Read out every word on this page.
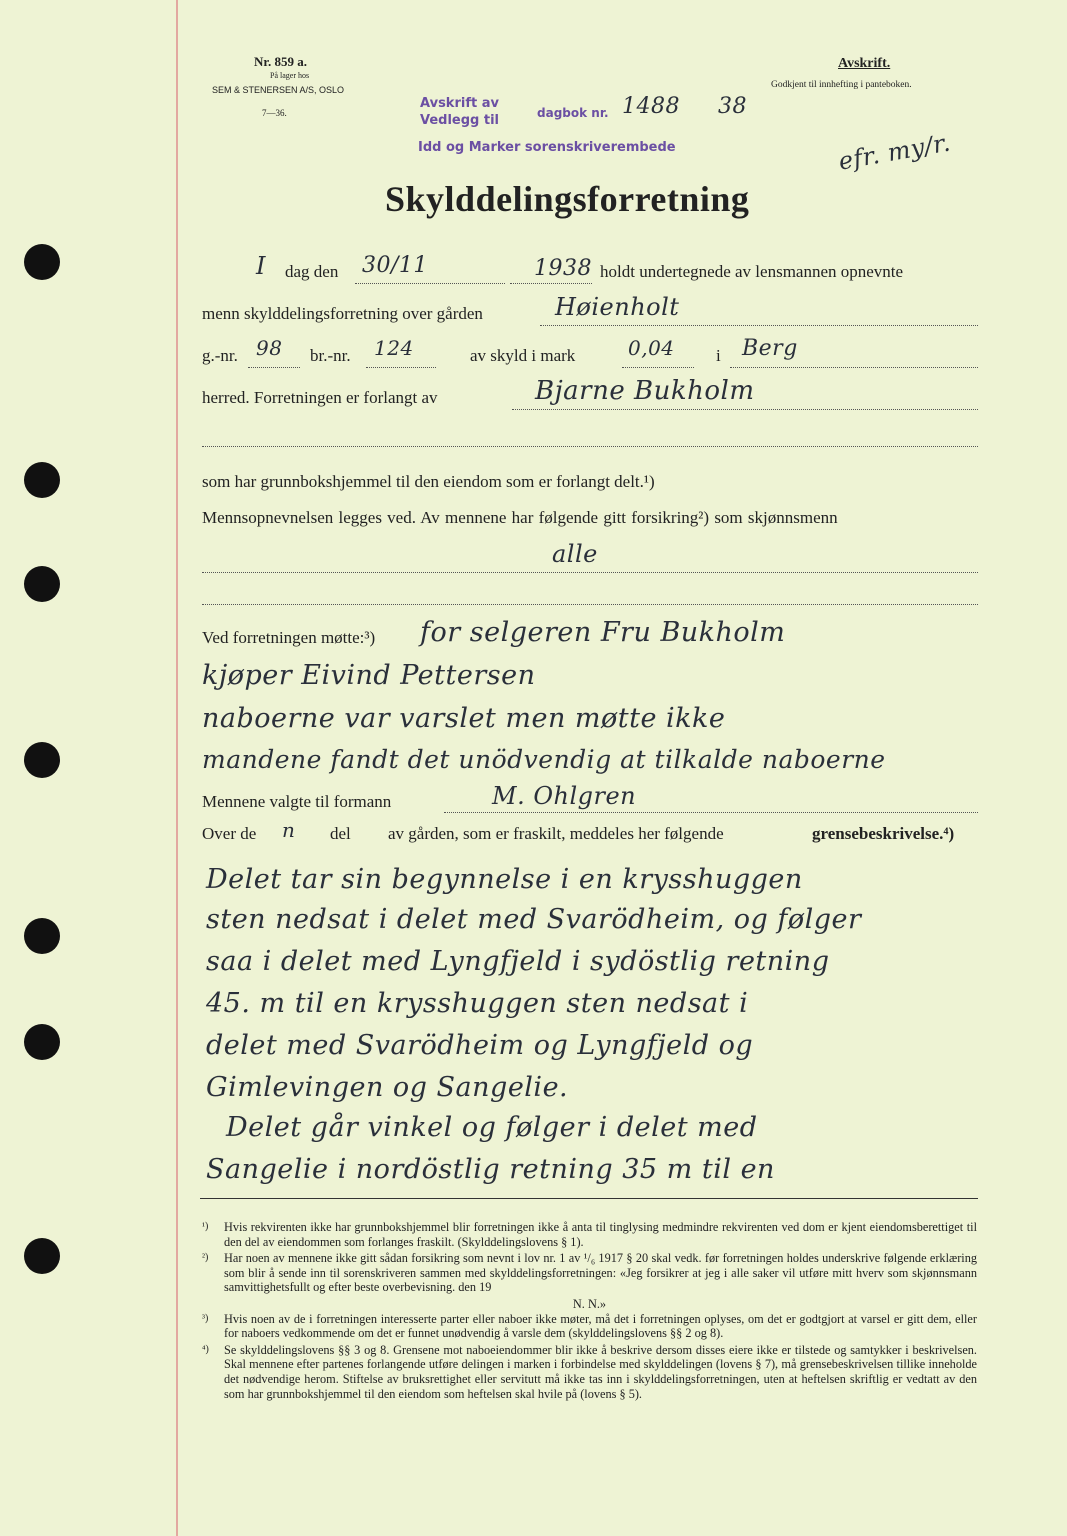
Nr. 859 a.
På lager hos
SEM & STENERSEN A/S, OSLO
7—36.
Avskrift.
Godkjent til innhefting i panteboken.
Avskrift av
Vedlegg til	dagbok nr. 1488 38
Idd og Marker sorenskriverembede	efr. my/r.
Skylddelingsforretning
I dag den 30/11	1938 holdt undertegnede av lensmannen opnevnte
menn skylddelingsforretning over gården	Høienholt
g.-nr. 98 br.-nr. 124	av skyld i mark	0,04 i Berg
herred. Forretningen er forlangt av	Bjarne Bukholm
som har grunnbokshjemmel til den eiendom som er forlangt delt.¹)
Mennsopnevnelsen legges ved. Av mennene har følgende gitt forsikring²) som skjønnsmenn
alle
Ved forretningen møtte:³) for selgeren Fru Bukholm
kjøper Eivind Pettersen
naboerne var varslet men møtte ikke
mandene fandt det unödvendig at tilkalde naboerne
Mennene valgte til formann	M. Ohlgren
Over de n del av gården, som er fraskilt, meddeles her følgende	grensebeskrivelse.⁴)
Delet tar sin begynnelse i en krysshuggen
sten nedsat i delet med Svarödheim, og følger
saa i delet med Lyngfjeld i sydöstlig retning
45. m til en krysshuggen sten nedsat i
delet med Svarödheim og Lyngfjeld og
Gimlevingen og Sangelie.
Delet går vinkel og følger i delet med
Sangelie i nordöstlig retning 35 m til en
¹)	Hvis rekvirenten ikke har grunnbokshjemmel blir forretningen ikke å anta til tinglysing medmindre rekvirenten ved dom er kjent eiendomsberettiget til den del av eiendommen som forlanges fraskilt. (Skylddelingslovens § 1).
²)	Har noen av mennene ikke gitt sådan forsikring som nevnt i lov nr. 1 av ¹/₆ 1917 § 20 skal vedk. før forretningen holdes underskrive følgende erklæring som blir å sende inn til sorenskriveren sammen med skylddelingsforretningen: «Jeg forsikrer at jeg i alle saker vil utføre mitt hverv som skjønnsmann samvittighetsfullt og efter beste overbevisning. den 19
N. N.»
³)	Hvis noen av de i forretningen interesserte parter eller naboer ikke møter, må det i forretningen oplyses, om det er godtgjort at varsel er gitt dem, eller for naboers vedkommende om det er funnet unødvendig å varsle dem (skylddelingslovens §§ 2 og 8).
⁴)	Se skylddelingslovens §§ 3 og 8. Grensene mot naboeiendommer blir ikke å beskrive dersom disses eiere ikke er tilstede og samtykker i beskrivelsen. Skal mennene efter partenes forlangende utføre delingen i marken i forbindelse med skylddelingen (lovens § 7), må grensebeskrivelsen tillike inneholde det nødvendige herom. Stiftelse av bruksrettighet eller servitutt må ikke tas inn i skylddelingsforretningen, uten at heftelsen skriftlig er vedtatt av den som har grunnbokshjemmel til den eiendom som heftelsen skal hvile på (lovens § 5).
